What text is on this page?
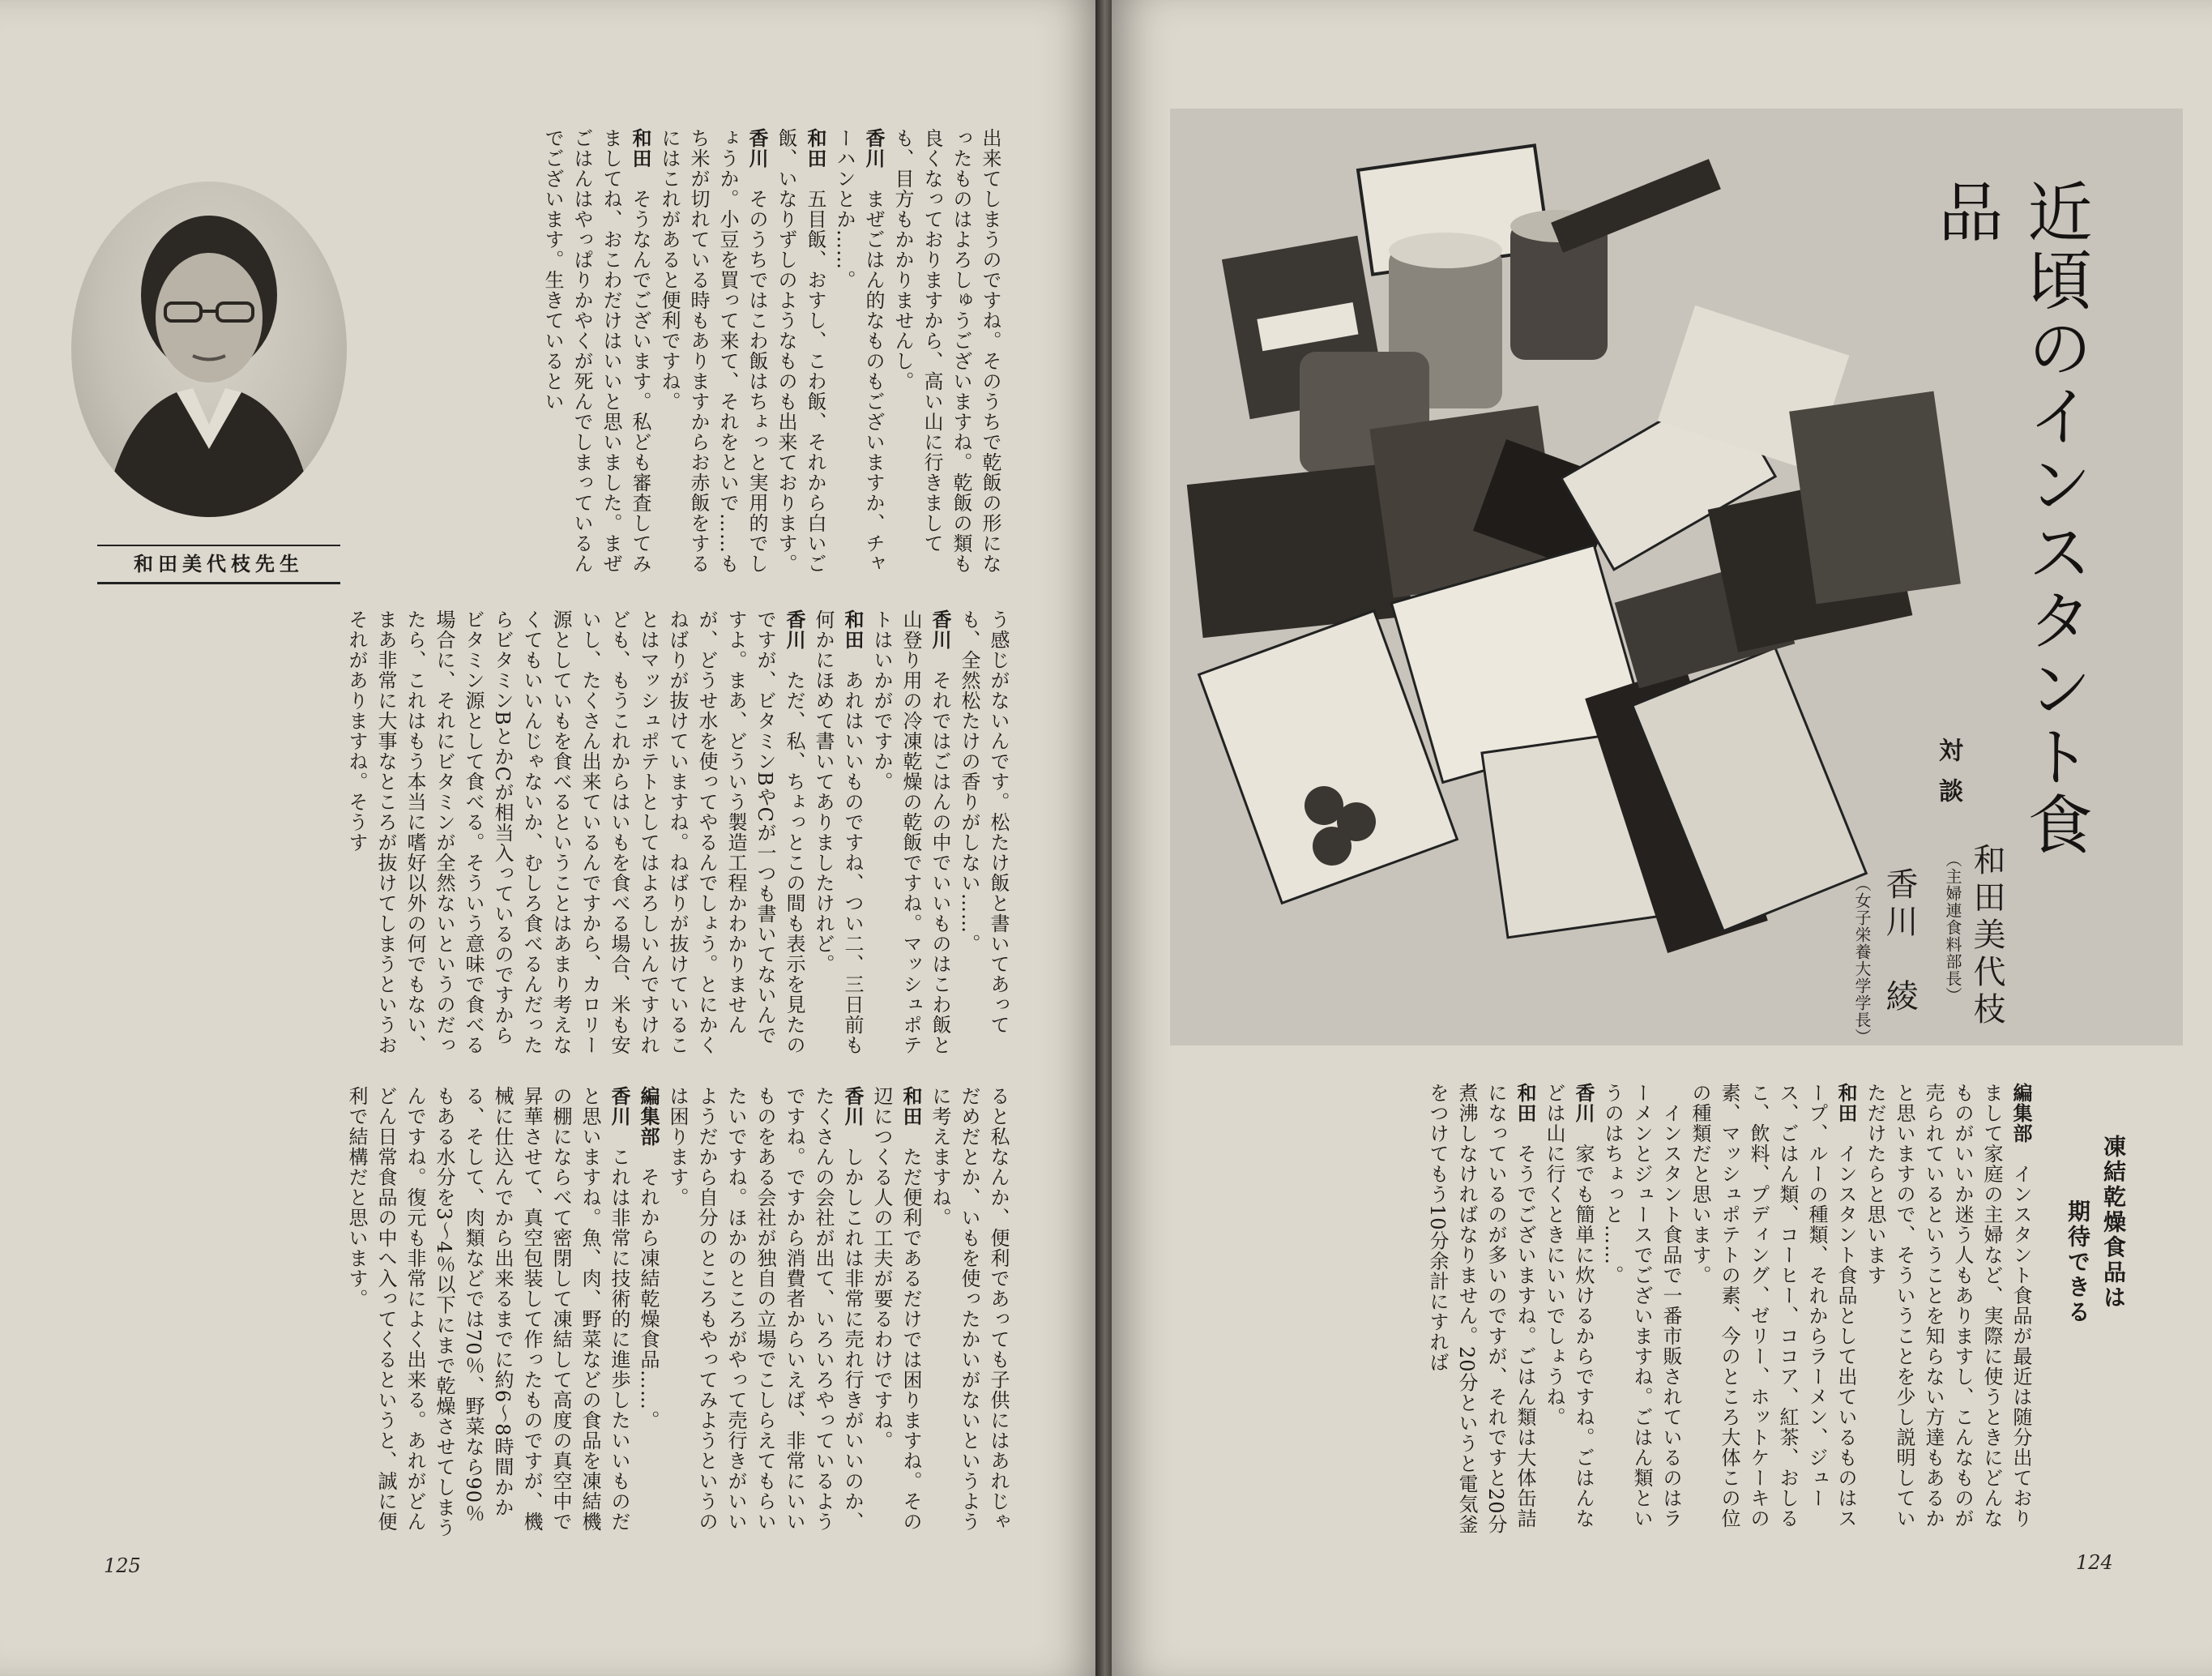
和田美代枝先生	出来てしまうのですね。そのうちで乾飯の形になったものはよろしゅうございますね。乾飯の類も良くなっておりますから、高い山に行きましても、目方もかかりませんし。

香川　まぜごはん的なものもございますか、チャーハンとか……。

和田　五目飯、おすし、こわ飯、それから白いご飯、いなりずしのようなものも出来ております。

香川　そのうちではこわ飯はちょっと実用的でしょうか。小豆を買って来て、それをといで……もち米が切れている時もありますからお赤飯をするにはこれがあると便利ですね。

和田　そうなんでございます。私ども審査してみましてね、おこわだけはいいと思いました。まぜごはんはやっぱりかやくが死んでしまっているんでございます。生きているとい

う感じがないんです。松たけ飯と書いてあっても、全然松たけの香りがしない……。

香川　それではごはんの中でいいものはこわ飯と山登り用の冷凍乾燥の乾飯ですね。マッシュポテトはいかがですか。

和田　あれはいいものですね、つい二、三日前も何かにほめて書いてありましたけれど。

香川　ただ、私、ちょっとこの間も表示を見たのですが、ビタミンBやCが一つも書いてないんですよ。まあ、どういう製造工程かわかりませんが、どうせ水を使ってやるんでしょう。とにかくねばりが抜けていますね。ねばりが抜けていることはマッシュポテトとしてはよろしいんですけれども、もうこれからはいもを食べる場合、米も安いし、たくさん出来ているんですから、カロリー源としていもを食べるということはあまり考えなくてもいいんじゃないか、むしろ食べるんだったらビタミンBとかCが相当入っているのですからビタミン源として食べる。そういう意味で食べる場合に、それにビタミンが全然ないというのだったら、これはもう本当に嗜好以外の何でもない、まあ非常に大事なところが抜けてしまうというおそれがありますね。そうす

ると私なんか、便利であっても子供にはあれじゃだめだとか、いもを使ったかいがないというように考えますね。

和田　ただ便利であるだけでは困りますね。その辺につくる人の工夫が要るわけですね。

香川　しかしこれは非常に売れ行きがいいのか、たくさんの会社が出て、いろいろやっているようですね。ですから消費者からいえば、非常にいいものをある会社が独自の立場でこしらえてもらいたいですね。ほかのところがやって売行きがいいようだから自分のところもやってみようというのは困ります。

編集部　それから凍結乾燥食品……。

香川　これは非常に技術的に進歩したいいものだと思いますね。魚、肉、野菜などの食品を凍結機の棚にならべて密閉して凍結して高度の真空中で昇華させて、真空包装して作ったものですが、機械に仕込んでから出来るまでに約6〜8時間かかる、そして、肉類などでは70％、野菜なら90％もある水分を3〜4％以下にまで乾燥させてしまうんですね。復元も非常によく出来る。あれがどんどん日常食品の中へ入ってくるというと、誠に便利で結構だと思います。

125
近頃のインスタント食品
対談
和田美代枝
（主婦連食料部長）
香川　綾
（女子栄養大学学長）
凍結乾燥食品は
期待できる

編集部　インスタント食品が最近は随分出ておりまして家庭の主婦など、実際に使うときにどんなものがいいか迷う人もありますし、こんなものが売られているということを知らない方達もあるかと思いますので、そういうことを少し説明していただけたらと思います

和田　インスタント食品として出ているものはスープ、ルーの種類、それからラーメン、ジュース、ごはん類、コーヒー、ココア、紅茶、おしるこ、飲料、プディング、ゼリー、ホットケーキの素、マッシュポテトの素、今のところ大体この位の種類だと思います。

　インスタント食品で一番市販されているのはラーメンとジュースでございますね。ごはん類というのはちょっと……。

香川　家でも簡単に炊けるからですね。ごはんなどは山に行くときにいいでしょうね。

和田　そうでございますね。ごはん類は大体缶詰になっているのが多いのですが、それですと20分煮沸しなければなりません。20分というと電気釜をつけてもう10分余計にすれば

124
